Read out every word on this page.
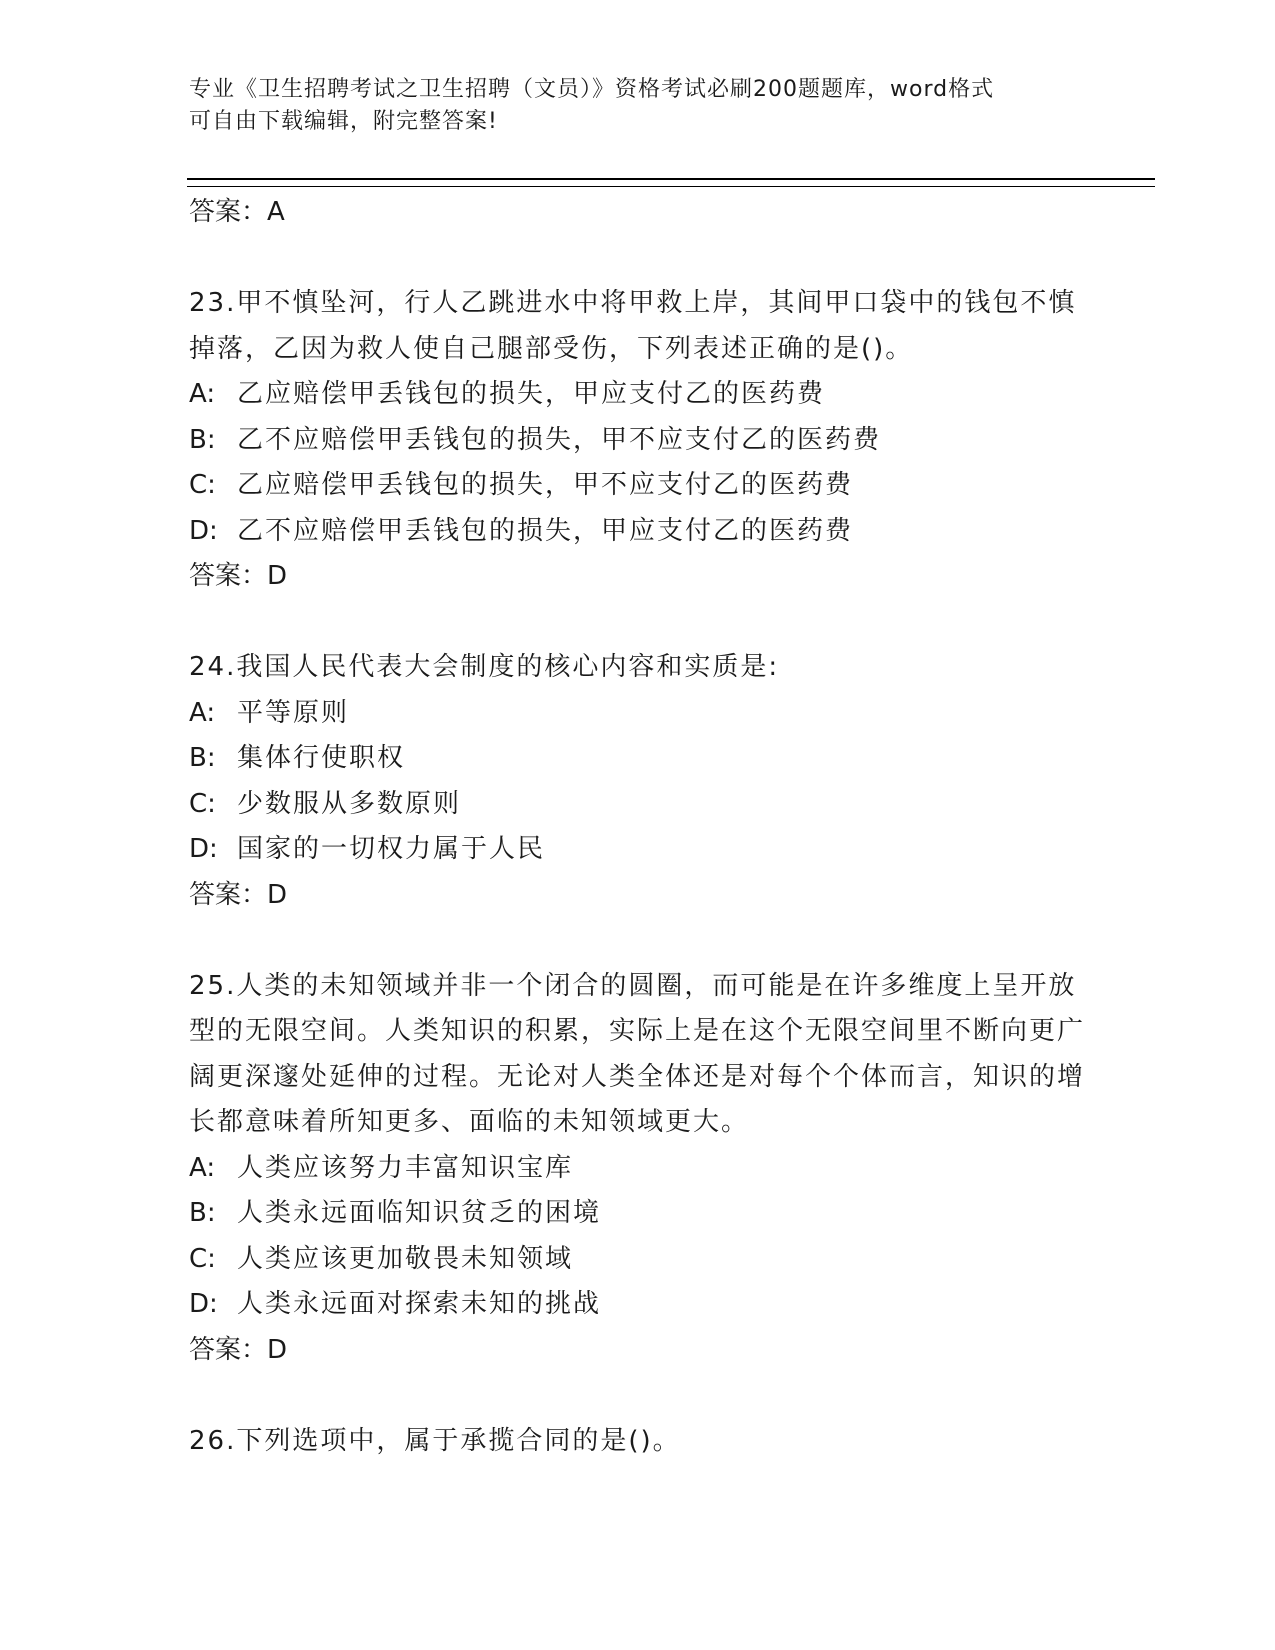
专业《卫生招聘考试之卫生招聘（文员）》资格考试必刷200题题库，word格式
可自由下载编辑，附完整答案!

答案：A

23.甲不慎坠河，行人乙跳进水中将甲救上岸，其间甲口袋中的钱包不慎掉落，乙因为救人使自己腿部受伤，下列表述正确的是()。

A: 乙应赔偿甲丢钱包的损失，甲应支付乙的医药费
B: 乙不应赔偿甲丢钱包的损失，甲不应支付乙的医药费
C: 乙应赔偿甲丢钱包的损失，甲不应支付乙的医药费
D: 乙不应赔偿甲丢钱包的损失，甲应支付乙的医药费

答案：D

24.我国人民代表大会制度的核心内容和实质是:

A: 平等原则
B: 集体行使职权
C: 少数服从多数原则
D: 国家的一切权力属于人民

答案：D

25.人类的未知领域并非一个闭合的圆圈，而可能是在许多维度上呈开放型的无限空间。人类知识的积累，实际上是在这个无限空间里不断向更广阔更深邃处延伸的过程。无论对人类全体还是对每个个体而言，知识的增长都意味着所知更多、面临的未知领域更大。

A: 人类应该努力丰富知识宝库
B: 人类永远面临知识贫乏的困境
C: 人类应该更加敬畏未知领域
D: 人类永远面对探索未知的挑战

答案：D

26.下列选项中，属于承揽合同的是()。
